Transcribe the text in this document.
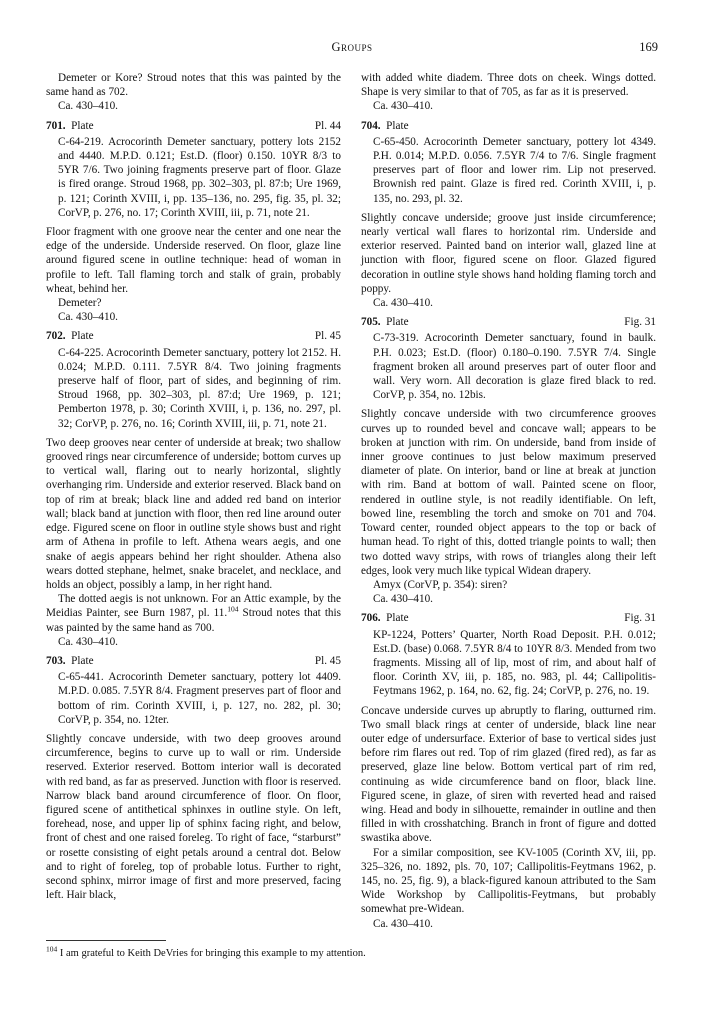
Groups	169

Demeter or Kore? Stroud notes that this was painted by the same hand as 702.

Ca. 430–410.

701. Plate	Pl. 44

C-64-219. Acrocorinth Demeter sanctuary, pottery lots 2152 and 4440. M.P.D. 0.121; Est.D. (floor) 0.150. 10YR 8/3 to 5YR 7/6. Two joining fragments preserve part of floor. Glaze is fired orange. Stroud 1968, pp. 302–303, pl. 87:b; Ure 1969, p. 121; Corinth XVIII, i, pp. 135–136, no. 295, fig. 35, pl. 32; CorVP, p. 276, no. 17; Corinth XVIII, iii, p. 71, note 21.

Floor fragment with one groove near the center and one near the edge of the underside. Underside reserved. On floor, glaze line around figured scene in outline technique: head of woman in profile to left. Tall flaming torch and stalk of grain, probably wheat, behind her.

Demeter?

Ca. 430–410.

702. Plate	Pl. 45

C-64-225. Acrocorinth Demeter sanctuary, pottery lot 2152. H. 0.024; M.P.D. 0.111. 7.5YR 8/4. Two joining fragments preserve half of floor, part of sides, and beginning of rim. Stroud 1968, pp. 302–303, pl. 87:d; Ure 1969, p. 121; Pemberton 1978, p. 30; Corinth XVIII, i, p. 136, no. 297, pl. 32; CorVP, p. 276, no. 16; Corinth XVIII, iii, p. 71, note 21.

Two deep grooves near center of underside at break; two shallow grooved rings near circumference of underside; bottom curves up to vertical wall, flaring out to nearly horizontal, slightly overhanging rim. Underside and exterior reserved. Black band on top of rim at break; black line and added red band on interior wall; black band at junction with floor, then red line around outer edge. Figured scene on floor in outline style shows bust and right arm of Athena in profile to left. Athena wears aegis, and one snake of aegis appears behind her right shoulder. Athena also wears dotted stephane, helmet, snake bracelet, and necklace, and holds an object, possibly a lamp, in her right hand.

The dotted aegis is not unknown. For an Attic example, by the Meidias Painter, see Burn 1987, pl. 11.$^{104}$ Stroud notes that this was painted by the same hand as 700.

Ca. 430–410.

703. Plate	Pl. 45

C-65-441. Acrocorinth Demeter sanctuary, pottery lot 4409. M.P.D. 0.085. 7.5YR 8/4. Fragment preserves part of floor and bottom of rim. Corinth XVIII, i, p. 127, no. 282, pl. 30; CorVP, p. 354, no. 12ter.

Slightly concave underside, with two deep grooves around circumference, begins to curve up to wall or rim. Underside reserved. Exterior reserved. Bottom interior wall is decorated with red band, as far as preserved. Junction with floor is reserved. Narrow black band around circumference of floor. On floor, figured scene of antithetical sphinxes in outline style. On left, forehead, nose, and upper lip of sphinx facing right, and below, front of chest and one raised foreleg. To right of face, “starburst” or rosette consisting of eight petals around a central dot. Below and to right of foreleg, top of probable lotus. Further to right, second sphinx, mirror image of first and more preserved, facing left. Hair black,

with added white diadem. Three dots on cheek. Wings dotted. Shape is very similar to that of 705, as far as it is preserved.

Ca. 430–410.

704. Plate

C-65-450. Acrocorinth Demeter sanctuary, pottery lot 4349. P.H. 0.014; M.P.D. 0.056. 7.5YR 7/4 to 7/6. Single fragment preserves part of floor and lower rim. Lip not preserved. Brownish red paint. Glaze is fired red. Corinth XVIII, i, p. 135, no. 293, pl. 32.

Slightly concave underside; groove just inside circumference; nearly vertical wall flares to horizontal rim. Underside and exterior reserved. Painted band on interior wall, glazed line at junction with floor, figured scene on floor. Glazed figured decoration in outline style shows hand holding flaming torch and poppy.

Ca. 430–410.

705. Plate	Fig. 31

C-73-319. Acrocorinth Demeter sanctuary, found in baulk. P.H. 0.023; Est.D. (floor) 0.180–0.190. 7.5YR 7/4. Single fragment broken all around preserves part of outer floor and wall. Very worn. All decoration is glaze fired black to red. CorVP, p. 354, no. 12bis.

Slightly concave underside with two circumference grooves curves up to rounded bevel and concave wall; appears to be broken at junction with rim. On underside, band from inside of inner groove continues to just below maximum preserved diameter of plate. On interior, band or line at break at junction with rim. Band at bottom of wall. Painted scene on floor, rendered in outline style, is not readily identifiable. On left, bowed line, resembling the torch and smoke on 701 and 704. Toward center, rounded object appears to the top or back of human head. To right of this, dotted triangle points to wall; then two dotted wavy strips, with rows of triangles along their left edges, look very much like typical Widean drapery.

Amyx (CorVP, p. 354): siren?

Ca. 430–410.

706. Plate	Fig. 31

KP-1224, Potters’ Quarter, North Road Deposit. P.H. 0.012; Est.D. (base) 0.068. 7.5YR 8/4 to 10YR 8/3. Mended from two fragments. Missing all of lip, most of rim, and about half of floor. Corinth XV, iii, p. 185, no. 983, pl. 44; Callipolitis-Feytmans 1962, p. 164, no. 62, fig. 24; CorVP, p. 276, no. 19.

Concave underside curves up abruptly to flaring, outturned rim. Two small black rings at center of underside, black line near outer edge of undersurface. Exterior of base to vertical sides just before rim flares out red. Top of rim glazed (fired red), as far as preserved, glaze line below. Bottom vertical part of rim red, continuing as wide circumference band on floor, black line. Figured scene, in glaze, of siren with reverted head and raised wing. Head and body in silhouette, remainder in outline and then filled in with crosshatching. Branch in front of figure and dotted swastika above.

For a similar composition, see KV-1005 (Corinth XV, iii, pp. 325–326, no. 1892, pls. 70, 107; Callipolitis-Feytmans 1962, p. 145, no. 25, fig. 9), a black-figured kanoun attributed to the Sam Wide Workshop by Callipolitis-Feytmans, but probably somewhat pre-Widean.

Ca. 430–410.

$^{104}$ I am grateful to Keith DeVries for bringing this example to my attention.
